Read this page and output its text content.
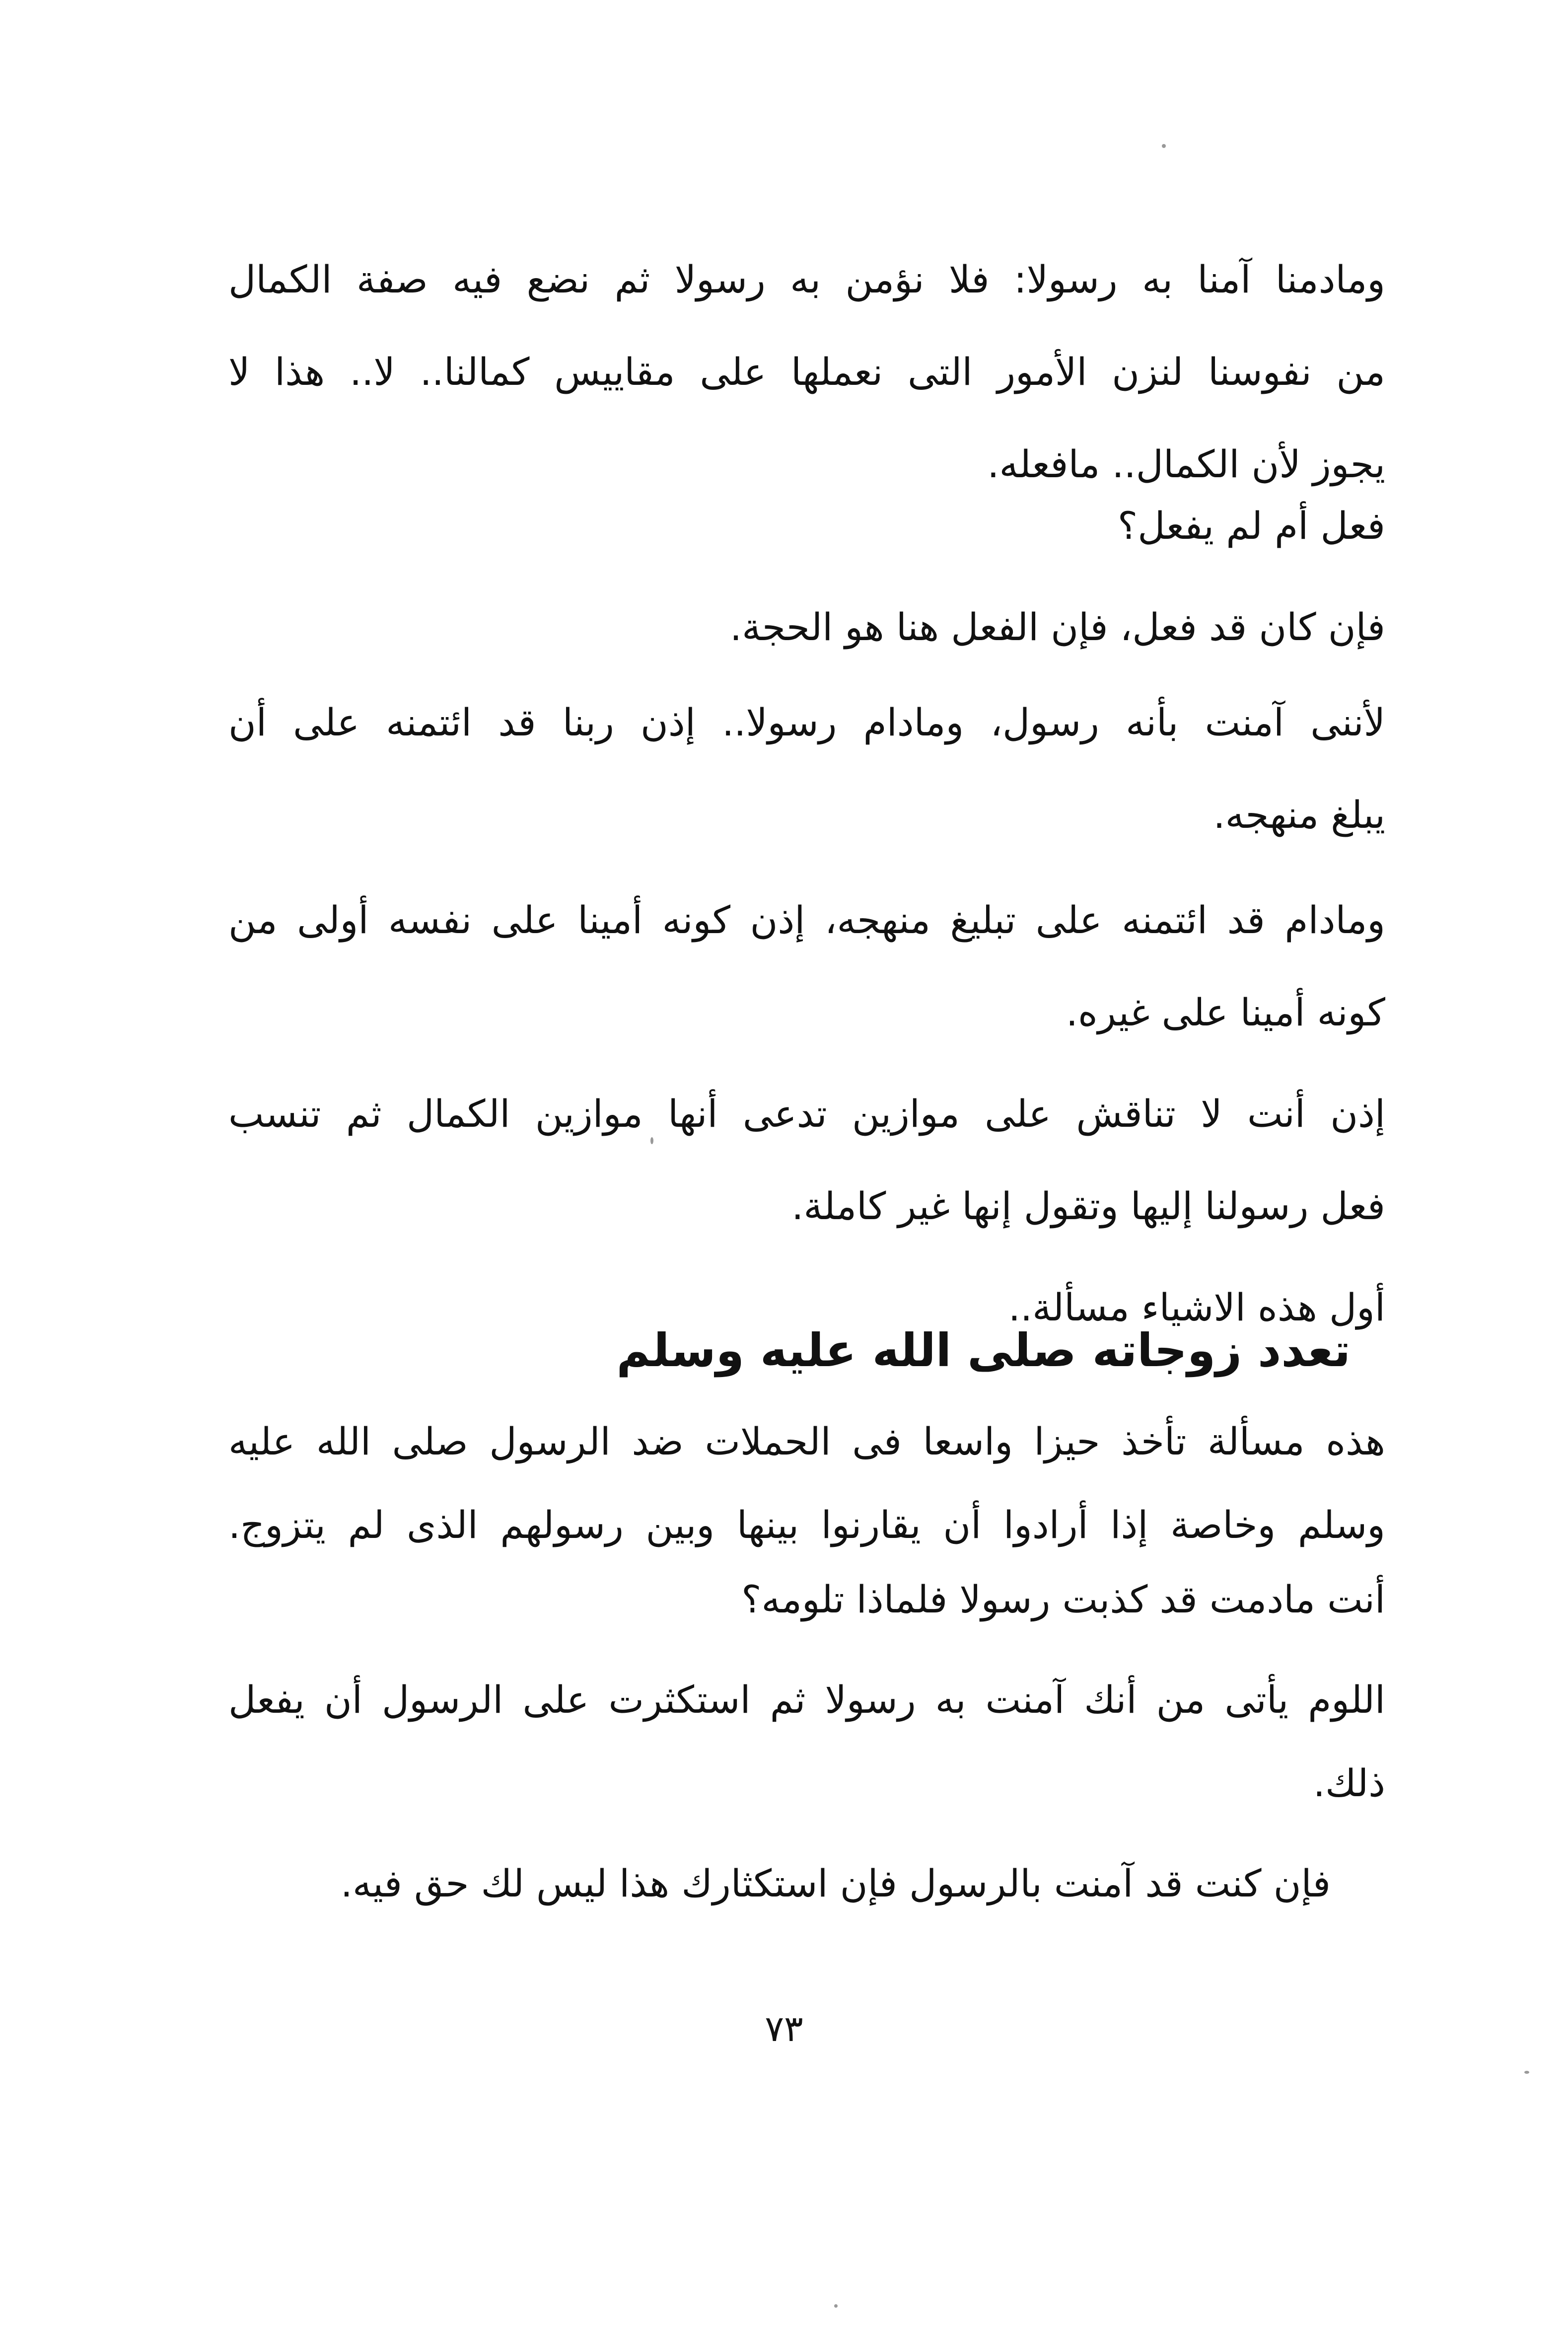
ومادمنا آمنا به رسولا: فلا نؤمن به رسولا ثم نضع فيه صفة الكمال
من نفوسنا لنزن الأمور التى نعملها على مقاييس كمالنا.. لا.. هذا لا
يجوز لأن الكمال.. مافعله.
فعل أم لم يفعل؟
فإن كان قد فعل، فإن الفعل هنا هو الحجة.
لأننى آمنت بأنه رسول، ومادام رسولا.. إذن ربنا قد ائتمنه على أن
يبلغ منهجه.
ومادام قد ائتمنه على تبليغ منهجه، إذن كونه أمينا على نفسه أولى من
كونه أمينا على غيره.
إذن أنت لا تناقش على موازين تدعى أنها موازين الكمال ثم تنسب
فعل رسولنا إليها وتقول إنها غير كاملة.
أول هذه الاشياء مسألة..
تعدد زوجاته صلى الله عليه وسلم
هذه مسألة تأخذ حيزا واسعا فى الحملات ضد الرسول صلى الله عليه
وسلم وخاصة إذا أرادوا أن يقارنوا بينها وبين رسولهم الذى لم يتزوج.
أنت مادمت قد كذبت رسولا فلماذا تلومه؟
اللوم يأتى من أنك آمنت به رسولا ثم استكثرت على الرسول أن يفعل
ذلك.
فإن كنت قد آمنت بالرسول فإن استكثارك هذا ليس لك حق فيه.
٧٣
